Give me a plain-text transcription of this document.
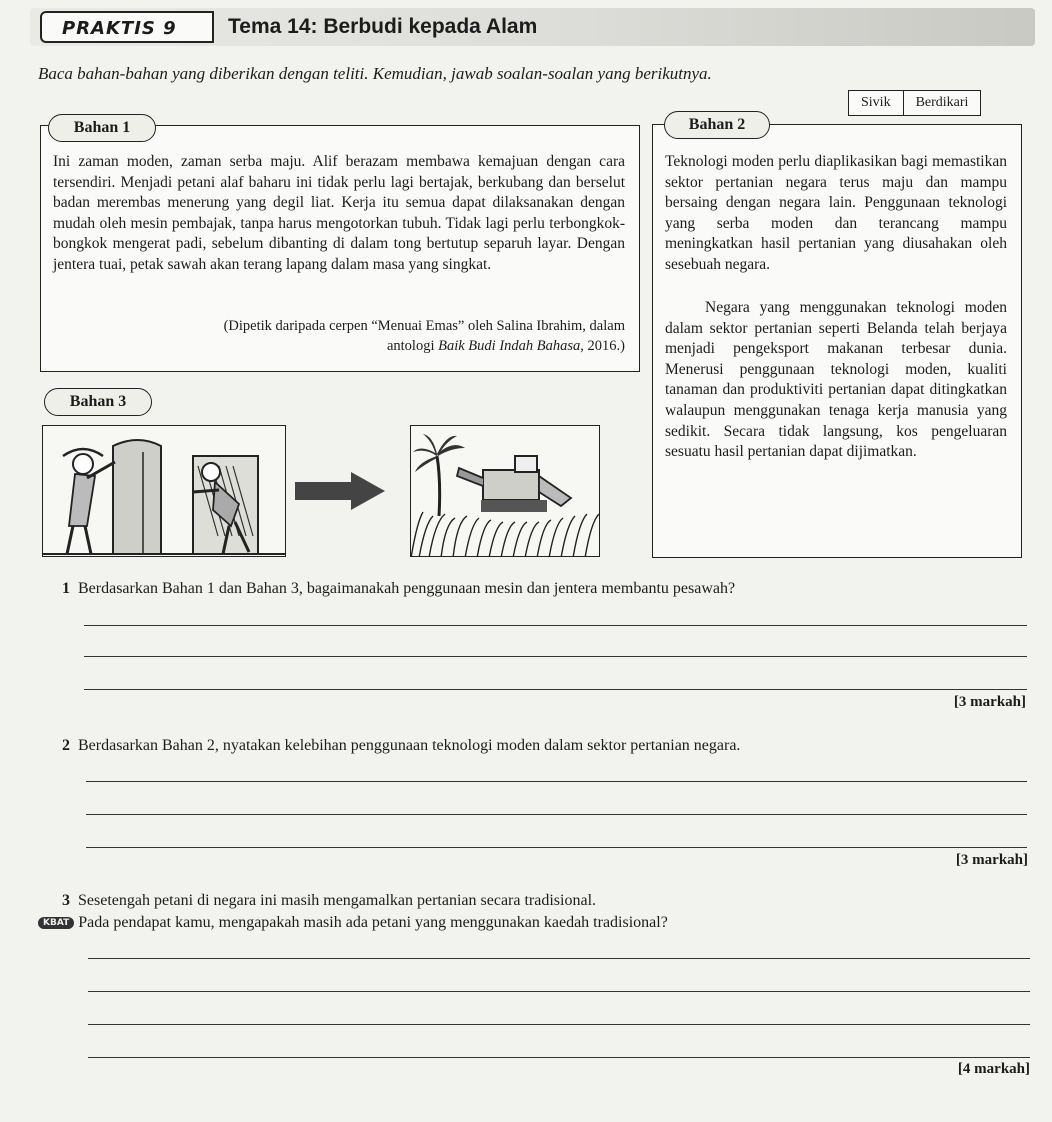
PRAKTIS 9	Tema 14: Berbudi kepada Alam
Baca bahan-bahan yang diberikan dengan teliti. Kemudian, jawab soalan-soalan yang berikutnya.
Sivik	Berdikari
Ini zaman moden, zaman serba maju. Alif berazam membawa kemajuan dengan cara tersendiri. Menjadi petani alaf baharu ini tidak perlu lagi bertajak, berkubang dan berselut badan merembas menerung yang degil liat. Kerja itu semua dapat dilaksanakan dengan mudah oleh mesin pembajak, tanpa harus mengotorkan tubuh. Tidak lagi perlu terbongkok-bongkok mengerat padi, sebelum dibanting di dalam tong bertutup separuh layar. Dengan jentera tuai, petak sawah akan terang lapang dalam masa yang singkat.
(Dipetik daripada cerpen “Menuai Emas” oleh Salina Ibrahim, dalam
antologi Baik Budi Indah Bahasa, 2016.)
Bahan 1
Teknologi moden perlu diaplikasikan bagi memastikan sektor pertanian negara terus maju dan mampu bersaing dengan negara lain. Penggunaan teknologi yang serba moden dan terancang mampu meningkatkan hasil pertanian yang diusahakan oleh sesebuah negara.
Negara yang menggunakan teknologi moden dalam sektor pertanian seperti Belanda telah berjaya menjadi pengeksport makanan terbesar dunia. Menerusi penggunaan teknologi moden, kualiti tanaman dan produktiviti pertanian dapat ditingkatkan walaupun menggunakan tenaga kerja manusia yang sedikit. Secara tidak langsung, kos pengeluaran sesuatu hasil pertanian dapat dijimatkan.
Bahan 2
Bahan 3
1 Berdasarkan Bahan 1 dan Bahan 3, bagaimanakah penggunaan mesin dan jentera membantu pesawah?
[3 markah]
2 Berdasarkan Bahan 2, nyatakan kelebihan penggunaan teknologi moden dalam sektor pertanian negara.
[3 markah]
3 Sesetengah petani di negara ini masih mengamalkan pertanian secara tradisional.
KBAT Pada pendapat kamu, mengapakah masih ada petani yang menggunakan kaedah tradisional?
[4 markah]
